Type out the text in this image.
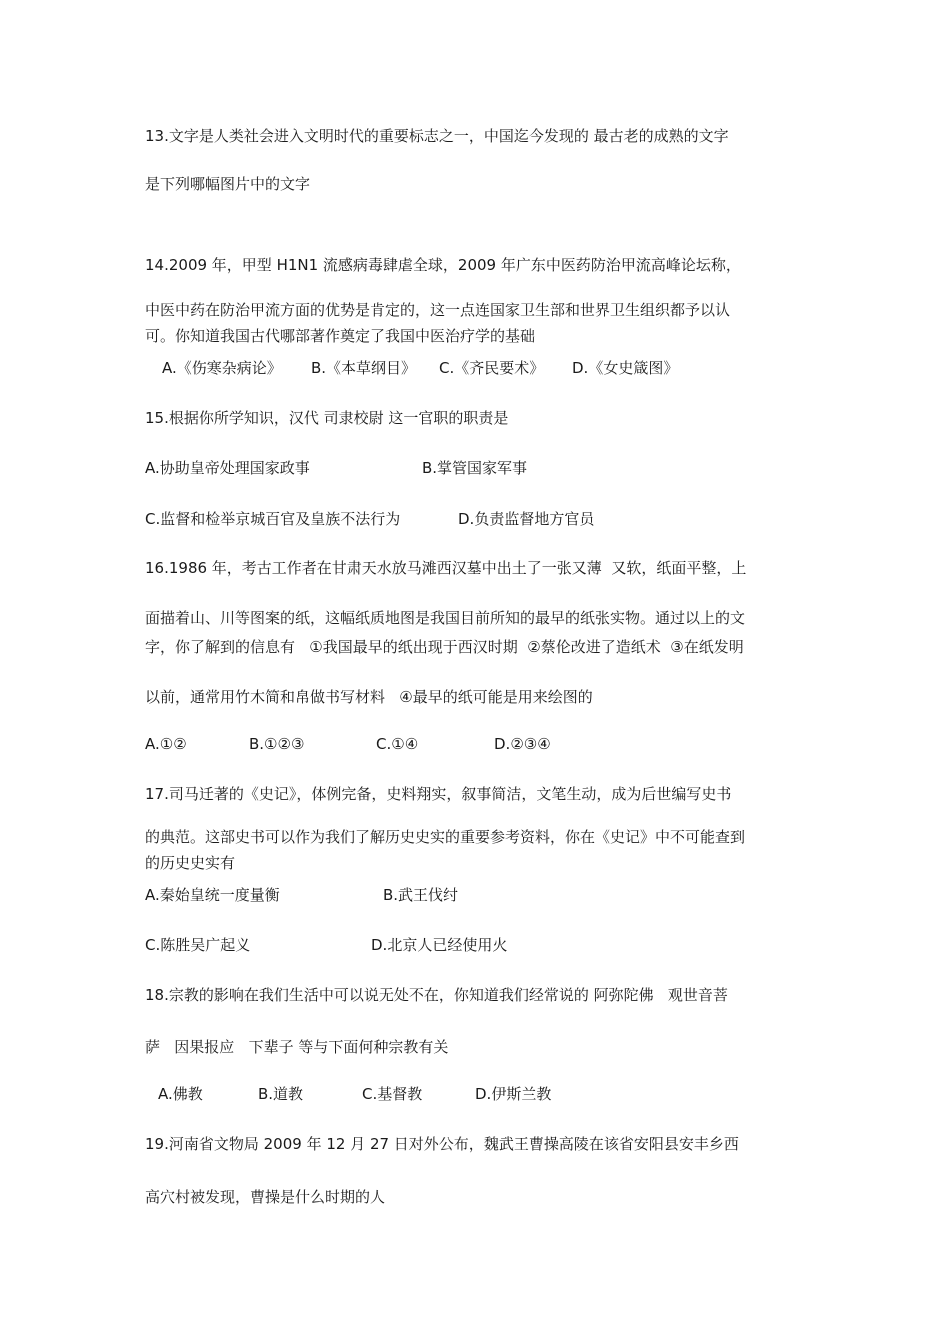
13.文字是人类社会进入文明时代的重要标志之一，中国迄今发现的 最古老的成熟的文字
是下列哪幅图片中的文字
14.2009 年，甲型 H1N1 流感病毒肆虐全球，2009 年广东中医药防治甲流高峰论坛称，
中医中药在防治甲流方面的优势是肯定的，这一点连国家卫生部和世界卫生组织都予以认
可。你知道我国古代哪部著作奠定了我国中医治疗学的基础
A.《伤寒杂病论》 B.《本草纲目》 C.《齐民要术》 D.《女史箴图》
15.根据你所学知识，汉代 司隶校尉 这一官职的职责是
A.协助皇帝处理国家政事	B.掌管国家军事
C.监督和检举京城百官及皇族不法行为	D.负责监督地方官员
16.1986 年，考古工作者在甘肃天水放马滩西汉墓中出土了一张又薄  又软，纸面平整，上
面描着山、川等图案的纸，这幅纸质地图是我国目前所知的最早的纸张实物。通过以上的文
字，你了解到的信息有   ①我国最早的纸出现于西汉时期  ②蔡伦改进了造纸术  ③在纸发明
以前，通常用竹木简和帛做书写材料   ④最早的纸可能是用来绘图的
A.①②	B.①②③	C.①④	D.②③④
17.司马迁著的《史记》，体例完备，史料翔实，叙事简洁，文笔生动，成为后世编写史书
的典范。这部史书可以作为我们了解历史史实的重要参考资料，你在《史记》中不可能查到
的历史史实有
A.秦始皇统一度量衡	B.武王伐纣
C.陈胜吴广起义	D.北京人已经使用火
18.宗教的影响在我们生活中可以说无处不在，你知道我们经常说的 阿弥陀佛   观世音菩
萨   因果报应   下辈子 等与下面何种宗教有关
A.佛教	B.道教	C.基督教	D.伊斯兰教
19.河南省文物局 2009 年 12 月 27 日对外公布，魏武王曹操高陵在该省安阳县安丰乡西
高穴村被发现，曹操是什么时期的人
